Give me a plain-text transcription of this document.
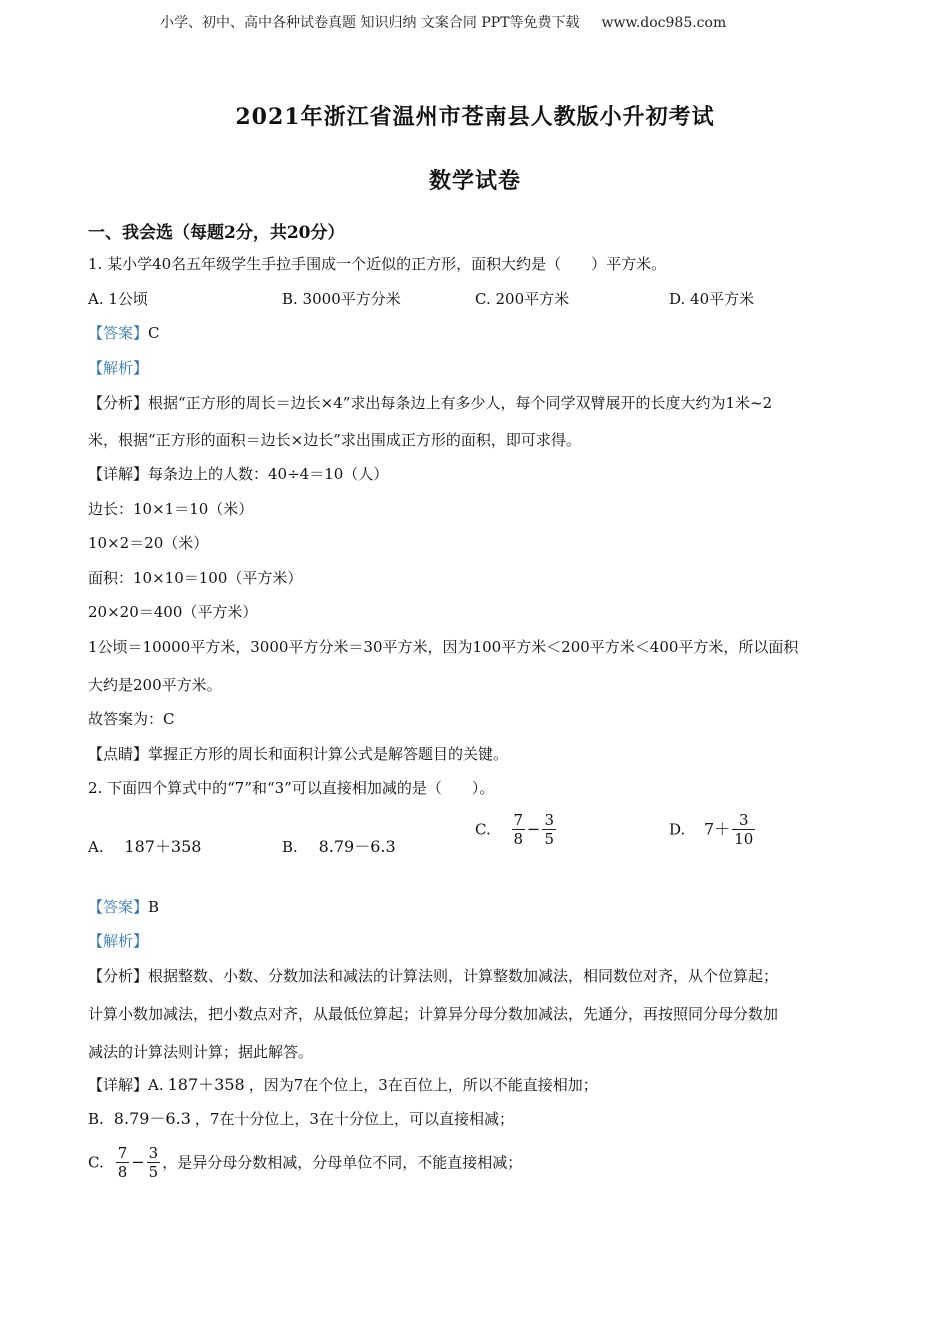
小学、初中、高中各种试卷真题 知识归纳 文案合同 PPT等免费下载 www.doc985.com
2021年浙江省温州市苍南县人教版小升初考试
数学试卷
一、我会选（每题2分，共20分）
1. 某小学40名五年级学生手拉手围成一个近似的正方形，面积大约是（　　）平方米。
A. 1公顷	B. 3000平方分米	C. 200平方米	D. 40平方米
【答案】C
【解析】
【分析】根据“正方形的周长＝边长×4”求出每条边上有多少人，每个同学双臂展开的长度大约为1米~2
米，根据“正方形的面积＝边长×边长”求出围成正方形的面积，即可求得。
【详解】每条边上的人数：40÷4＝10（人）
边长：10×1＝10（米）
10×2＝20（米）
面积：10×10＝100（平方米）
20×20＝400（平方米）
1公顷＝10000平方米，3000平方分米＝30平方米，因为100平方米＜200平方米＜400平方米，所以面积
大约是200平方米。
故答案为：C
【点睛】掌握正方形的周长和面积计算公式是解答题目的关键。
2. 下面四个算式中的“7”和“3”可以直接相加减的是（　　）。
A. 187＋358	B. 8.79－6.3
C. $\frac{7}{8} - \frac{3}{5}$	D. $7+ \frac{3}{10}$
【答案】B
【解析】
【分析】根据整数、小数、分数加法和减法的计算法则，计算整数加减法，相同数位对齐，从个位算起；
计算小数加减法，把小数点对齐，从最低位算起；计算异分母分数加减法，先通分，再按照同分母分数加
减法的计算法则计算；据此解答。
【详解】A. 187＋358 ，因为7在个位上，3在百位上，所以不能直接相加；
B. 8.79－6.3 ，7在十分位上，3在十分位上，可以直接相减；
C. $\frac{7}{8} - \frac{3}{5}$ ，是异分母分数相减，分母单位不同，不能直接相减；
